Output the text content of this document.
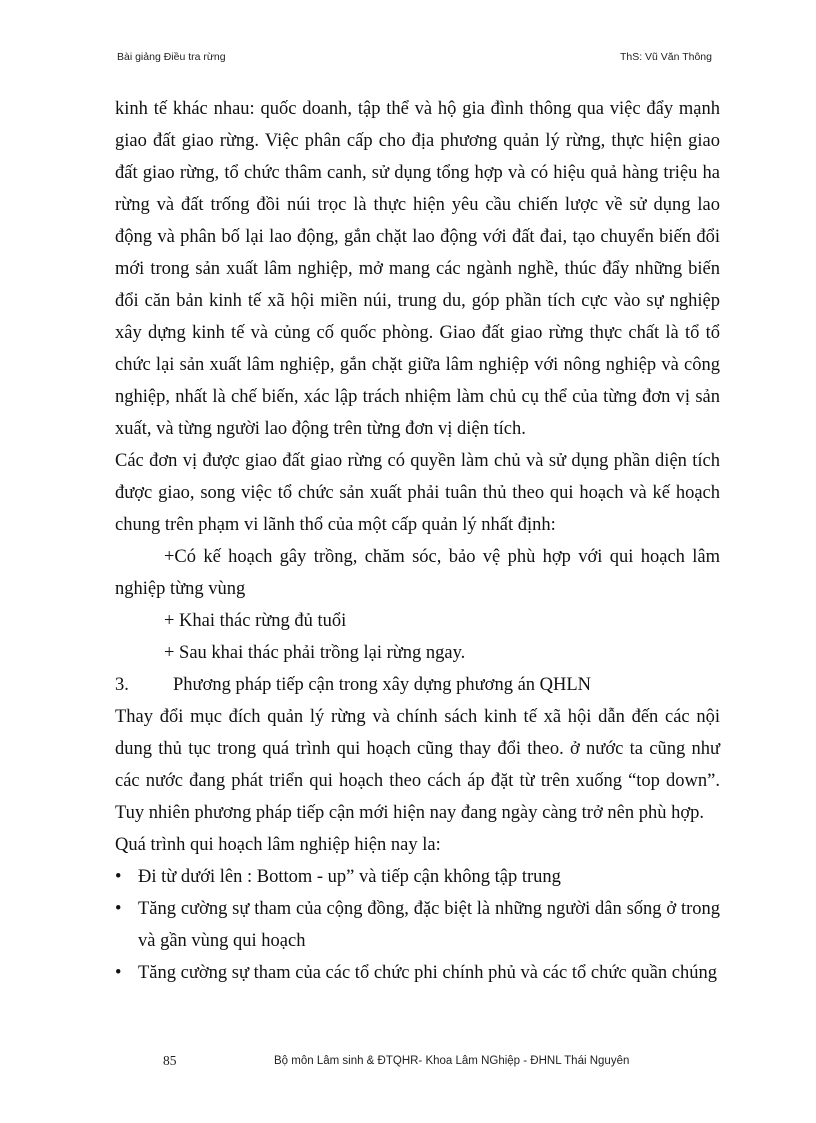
Bài giảng Điều tra rừng	ThS: Vũ Văn Thông

kinh tế khác nhau: quốc doanh, tập thể và hộ gia đình thông qua việc đẩy mạnh giao đất giao rừng. Việc phân cấp cho địa phương quản lý rừng, thực hiện giao đất giao rừng, tổ chức thâm canh, sử dụng tổng hợp và có hiệu quả hàng triệu ha rừng và đất trống đồi núi trọc là thực hiện yêu cầu chiến lược về sử dụng lao động và phân bố lại lao động, gắn chặt lao động với đất đai, tạo chuyển biến đổi mới trong sản xuất lâm nghiệp, mở mang các ngành nghề, thúc đẩy những biến đổi căn bản kinh tế xã hội miền núi, trung du, góp phần tích cực vào sự nghiệp xây dựng kinh tế và củng cố quốc phòng. Giao đất giao rừng thực chất là tổ tổ chức lại sản xuất lâm nghiệp, gắn chặt giữa lâm nghiệp với nông nghiệp và công nghiệp, nhất là chế biến, xác lập trách nhiệm làm chủ cụ thể của từng đơn vị sản xuất, và từng người lao động trên từng đơn vị diện tích.

Các đơn vị được giao đất giao rừng có quyền làm chủ và sử dụng phần diện tích được giao, song việc tổ chức sản xuất phải tuân thủ theo qui hoạch và kế hoạch chung trên phạm vi lãnh thổ của một cấp quản lý nhất định:

+Có kế hoạch gây trồng, chăm sóc, bảo vệ phù hợp với qui hoạch lâm nghiệp từng vùng

+ Khai thác rừng đủ tuổi

+ Sau khai thác phải trồng lại rừng ngay.

3.	Phương pháp tiếp cận trong xây dựng phương án QHLN

Thay đổi mục đích quản lý rừng và chính sách kinh tế xã hội dẫn đến các nội dung thủ tục trong quá trình qui hoạch cũng thay đổi theo. ở nước ta cũng như các nước đang phát triển qui hoạch theo cách áp đặt từ trên xuống “top down”. Tuy nhiên phương pháp tiếp cận mới hiện nay đang ngày càng trở nên phù hợp.

Quá trình qui hoạch lâm nghiệp hiện nay la:

• Đi từ dưới lên : Bottom - up” và tiếp cận không tập trung
• Tăng cường sự tham của cộng đồng, đặc biệt là những người dân sống ở trong và gần vùng qui hoạch
• Tăng cường sự tham của các tổ chức phi chính phủ và các tổ chức quần chúng
85	Bộ môn Lâm sinh & ĐTQHR- Khoa Lâm NGhiệp - ĐHNL Thái Nguyên
